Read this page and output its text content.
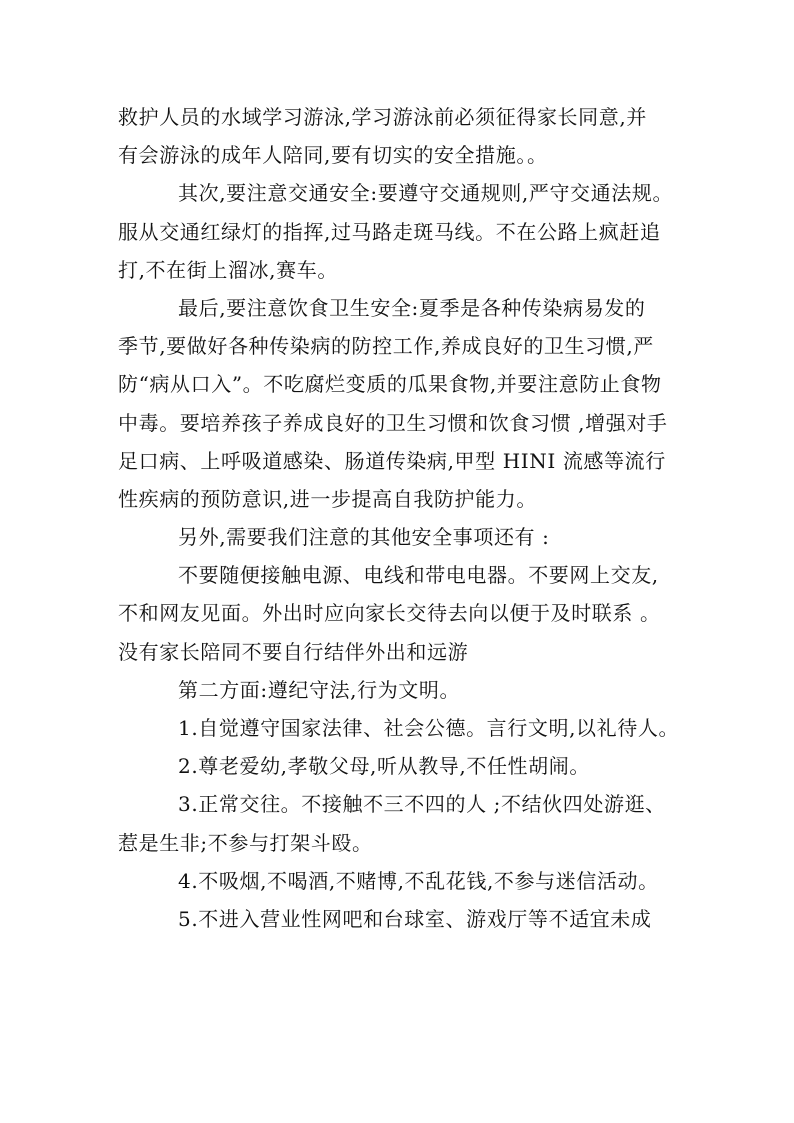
救护人员的水域学习游泳,学习游泳前必须征得家长同意,并
有会游泳的成年人陪同,要有切实的安全措施。。
其次,要注意交通安全:要遵守交通规则,严守交通法规。
服从交通红绿灯的指挥,过马路走斑马线。不在公路上疯赶追
打,不在街上溜冰,赛车。
最后,要注意饮食卫生安全:夏季是各种传染病易发的
季节,要做好各种传染病的防控工作,养成良好的卫生习惯,严
防“病从口入”。不吃腐烂变质的瓜果食物,并要注意防止食物
中毒。要培养孩子养成良好的卫生习惯和饮食习惯 ,增强对手
足口病、上呼吸道感染、肠道传染病,甲型 HINI 流感等流行
性疾病的预防意识,进一步提高自我防护能力。
另外,需要我们注意的其他安全事项还有 :
不要随便接触电源、电线和带电电器。不要网上交友,
不和网友见面。外出时应向家长交待去向以便于及时联系 。
没有家长陪同不要自行结伴外出和远游
第二方面:遵纪守法,行为文明。
1.自觉遵守国家法律、社会公德。言行文明,以礼待人。
2.尊老爱幼,孝敬父母,听从教导,不任性胡闹。
3.正常交往。不接触不三不四的人 ;不结伙四处游逛、
惹是生非;不参与打架斗殴。
4.不吸烟,不喝酒,不赌博,不乱花钱,不参与迷信活动。
5.不进入营业性网吧和台球室、游戏厅等不适宜未成
